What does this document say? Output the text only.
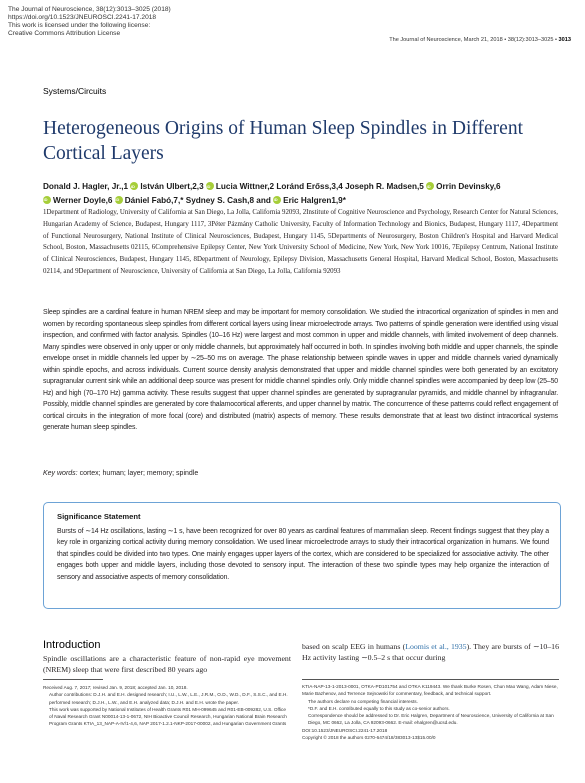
The Journal of Neuroscience, 38(12):3013–3025 (2018)
https://doi.org/10.1523/JNEUROSCI.2241-17.2018
This work is licensed under the following license:
Creative Commons Attribution License
The Journal of Neuroscience, March 21, 2018 • 38(12):3013–3025 • 3013
Systems/Circuits
Heterogeneous Origins of Human Sleep Spindles in Different Cortical Layers
Donald J. Hagler, Jr.,1 iD István Ulbert,2,3 iD Lucia Wittner,2 Loránd Erőss,3,4 Joseph R. Madsen,5 iD Orrin Devinsky,6
iDWerner Doyle,6 iD Dániel Fabó,7,* Sydney S. Cash,8 and iD Eric Halgren1,9*
1Department of Radiology, University of California at San Diego, La Jolla, California 92093, 2Institute of Cognitive Neuroscience and Psychology, Research Center for Natural Sciences, Hungarian Academy of Science, Budapest, Hungary 1117, 3Péter Pázmány Catholic University, Faculty of Information Technology and Bionics, Budapest, Hungary 1117, 4Department of Functional Neurosurgery, National Institute of Clinical Neurosciences, Budapest, Hungary 1145, 5Departments of Neurosurgery, Boston Children's Hospital and Harvard Medical School, Boston, Massachusetts 02115, 6Comprehensive Epilepsy Center, New York University School of Medicine, New York, New York 10016, 7Epilepsy Centrum, National Institute of Clinical Neurosciences, Budapest, Hungary 1145, 8Department of Neurology, Epilepsy Division, Massachusetts General Hospital, Harvard Medical School, Boston, Massachusetts 02114, and 9Department of Neuroscience, University of California at San Diego, La Jolla, California 92093
Sleep spindles are a cardinal feature in human NREM sleep and may be important for memory consolidation. We studied the intracortical organization of spindles in men and women by recording spontaneous sleep spindles from different cortical layers using linear microelectrode arrays. Two patterns of spindle generation were identified using visual inspection, and confirmed with factor analysis. Spindles (10–16 Hz) were largest and most common in upper and middle channels, with limited involvement of deep channels. Many spindles were observed in only upper or only middle channels, but approximately half occurred in both. In spindles involving both middle and upper channels, the spindle envelope onset in middle channels led upper by ∼25–50 ms on average. The phase relationship between spindle waves in upper and middle channels varied dynamically within spindle epochs, and across individuals. Current source density analysis demonstrated that upper and middle channel spindles were both generated by an excitatory supragranular current sink while an additional deep source was present for middle channel spindles only. Only middle channel spindles were accompanied by deep low (25–50 Hz) and high (70–170 Hz) gamma activity. These results suggest that upper channel spindles are generated by supragranular pyramids, and middle channel by infragranular. Possibly, middle channel spindles are generated by core thalamocortical afferents, and upper channel by matrix. The concurrence of these patterns could reflect engagement of cortical circuits in the integration of more focal (core) and distributed (matrix) aspects of memory. These results demonstrate that at least two distinct intracortical systems generate human sleep spindles.
Key words: cortex; human; layer; memory; spindle
Significance Statement
Bursts of ∼14 Hz oscillations, lasting ∼1 s, have been recognized for over 80 years as cardinal features of mammalian sleep. Recent findings suggest that they play a key role in organizing cortical activity during memory consolidation. We used linear microelectrode arrays to study their intracortical organization in humans. We found that spindles could be divided into two types. One mainly engages upper layers of the cortex, which are considered to be specialized for associative activity. The other engages both upper and middle layers, including those devoted to sensory input. The interaction of these two spindle types may help organize the interaction of sensory and associative aspects of memory consolidation.
Introduction
Spindle oscillations are a characteristic feature of non-rapid eye movement (NREM) sleep that were first described 80 years ago
based on scalp EEG in humans (Loomis et al., 1935). They are bursts of ∼10–16 Hz activity lasting ∼0.5–2 s that occur during
Received Aug. 7, 2017; revised Jan. 9, 2018; accepted Jan. 10, 2018.
Author contributions: D.J.H. and E.H. designed research; I.U., L.W., L.E., J.R.M., O.D., W.D., D.F., S.S.C., and E.H. performed research; D.J.H., L.W., and E.H. analyzed data; D.J.H. and E.H. wrote the paper.
This work was supported by National Institutes of Health Grants R01 MH-099645 and R01-EB-009282, U.S. Office of Naval Research Grant N00014-13-1-0672, NIH Bioactive Council Research, Hungarian National Brain Research Program Grants KTIA_13_NAP-A-IV/1-4,6, NAP 2017-1.2.1-NKP-2017-00002, and Hungarian Government Grants
KTIA-NAP-13-1-2013-0001, OTKA-PD101754 and OTKA K119443. We thank Burke Rosen, Chun Mao Wang, Adam Niese, Marie Bazhenov, and Terrence Sejnowski for commentary, feedback, and technical support.
The authors declare no competing financial interests.
*D.F. and E.H. contributed equally to this study as co-senior authors.
Correspondence should be addressed to Dr. Eric Halgren, Department of Neuroscience, University of California at San Diego, MC 0662, La Jolla, CA 92093-0662. E-mail: ehalgren@ucsd.edu.
DOI:10.1523/JNEUROSCI.2241-17.2018
Copyright © 2018 the authors 0270-6474/18/383013-13$15.00/0
